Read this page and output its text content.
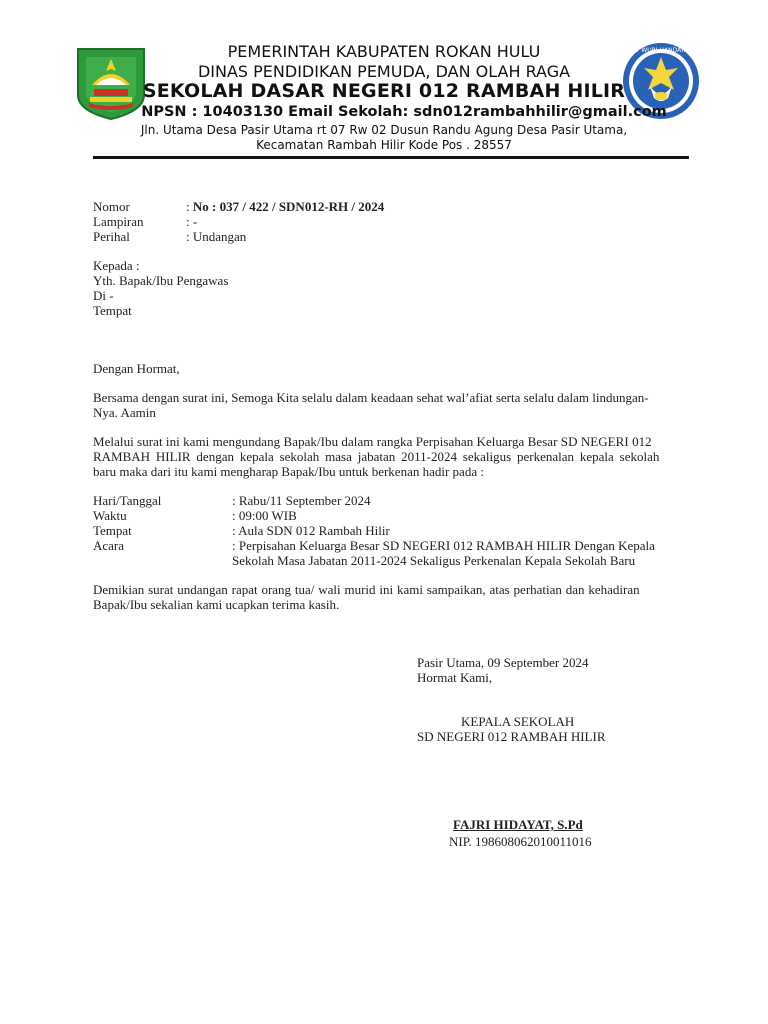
TUT WURI HANDAYANI
PEMERINTAH KABUPATEN ROKAN HULU
DINAS PENDIDIKAN PEMUDA, DAN OLAH RAGA
SEKOLAH DASAR NEGERI 012 RAMBAH HILIR
NPSN : 10403130 Email Sekolah: sdn012rambahhilir@gmail.com
Jln. Utama Desa Pasir Utama rt 07 Rw 02 Dusun Randu Agung Desa Pasir Utama,
Kecamatan Rambah Hilir Kode Pos . 28557
Nomor	: No : 037 / 422 / SDN012-RH / 2024
Lampiran	: -
Perihal	: Undangan
Kepada :
Yth. Bapak/Ibu Pengawas
Di -
Tempat
Dengan Hormat,
Bersama dengan surat ini, Semoga Kita selalu dalam keadaan sehat wal’afiat serta selalu dalam lindungan-
Nya. Aamin
Melalui surat ini kami mengundang Bapak/Ibu dalam rangka Perpisahan Keluarga Besar SD NEGERI 012
RAMBAH HILIR dengan kepala sekolah masa jabatan 2011-2024 sekaligus perkenalan kepala sekolah
baru maka dari itu kami mengharap Bapak/Ibu untuk berkenan hadir pada :
Hari/Tanggal	: Rabu/11 September 2024
Waktu	: 09:00 WIB
Tempat	: Aula SDN 012 Rambah Hilir
Acara	: Perpisahan Keluarga Besar SD NEGERI 012 RAMBAH HILIR Dengan Kepala
Sekolah Masa Jabatan 2011-2024 Sekaligus Perkenalan Kepala Sekolah Baru
Demikian surat undangan rapat orang tua/ wali murid ini kami sampaikan, atas perhatian dan kehadiran
Bapak/Ibu sekalian kami ucapkan terima kasih.
Pasir Utama, 09 September 2024
Hormat Kami,
KEPALA SEKOLAH
SD NEGERI 012 RAMBAH HILIR
FAJRI HIDAYAT, S.Pd
NIP. 198608062010011016
